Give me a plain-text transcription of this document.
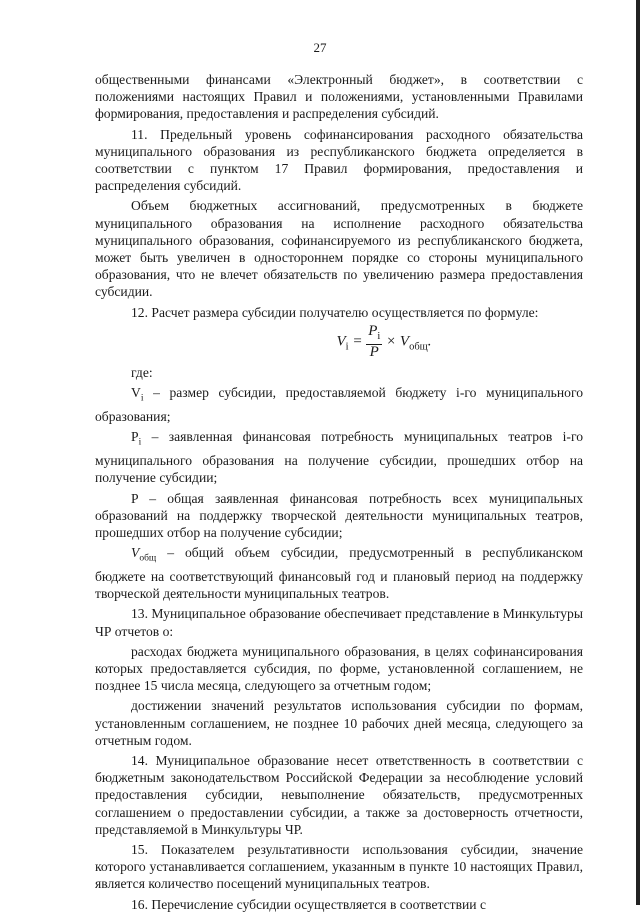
27

общественными финансами «Электронный бюджет», в соответствии с положениями настоящих Правил и положениями, установленными Правилами формирования, предоставления и распределения субсидий.

11. Предельный уровень софинансирования расходного обязательства муниципального образования из республиканского бюджета определяется в соответствии с пунктом 17 Правил формирования, предоставления и распределения субсидий.

Объем бюджетных ассигнований, предусмотренных в бюджете муниципального образования на исполнение расходного обязательства муниципального образования, софинансируемого из республиканского бюджета, может быть увеличен в одностороннем порядке со стороны муниципального образования, что не влечет обязательств по увеличению размера предоставления субсидии.

12. Расчет размера субсидии получателю осуществляется по формуле:

$V_i = \frac{P_i}{P} \times V_{общ}$.

где:

$V_i$ – размер субсидии, предоставляемой бюджету i-го муниципального образования;

$P_i$ – заявленная финансовая потребность муниципальных театров i-го муниципального образования на получение субсидии, прошедших отбор на получение субсидии;

P – общая заявленная финансовая потребность всех муниципальных образований на поддержку творческой деятельности муниципальных театров, прошедших отбор на получение субсидии;

$V_{общ}$ – общий объем субсидии, предусмотренный в республиканском бюджете на соответствующий финансовый год и плановый период на поддержку творческой деятельности муниципальных театров.

13. Муниципальное образование обеспечивает представление в Минкультуры ЧР отчетов о:

расходах бюджета муниципального образования, в целях софинансирования которых предоставляется субсидия, по форме, установленной соглашением, не позднее 15 числа месяца, следующего за отчетным годом;

достижении значений результатов использования субсидии по формам, установленным соглашением, не позднее 10 рабочих дней месяца, следующего за отчетным годом.

14. Муниципальное образование несет ответственность в соответствии с бюджетным законодательством Российской Федерации за несоблюдение условий предоставления субсидии, невыполнение обязательств, предусмотренных соглашением о предоставлении субсидии, а также за достоверность отчетности, представляемой в Минкультуры ЧР.

15. Показателем результативности использования субсидии, значение которого устанавливается соглашением, указанным в пункте 10 настоящих Правил, является количество посещений муниципальных театров.

16. Перечисление субсидии осуществляется в соответствии с
